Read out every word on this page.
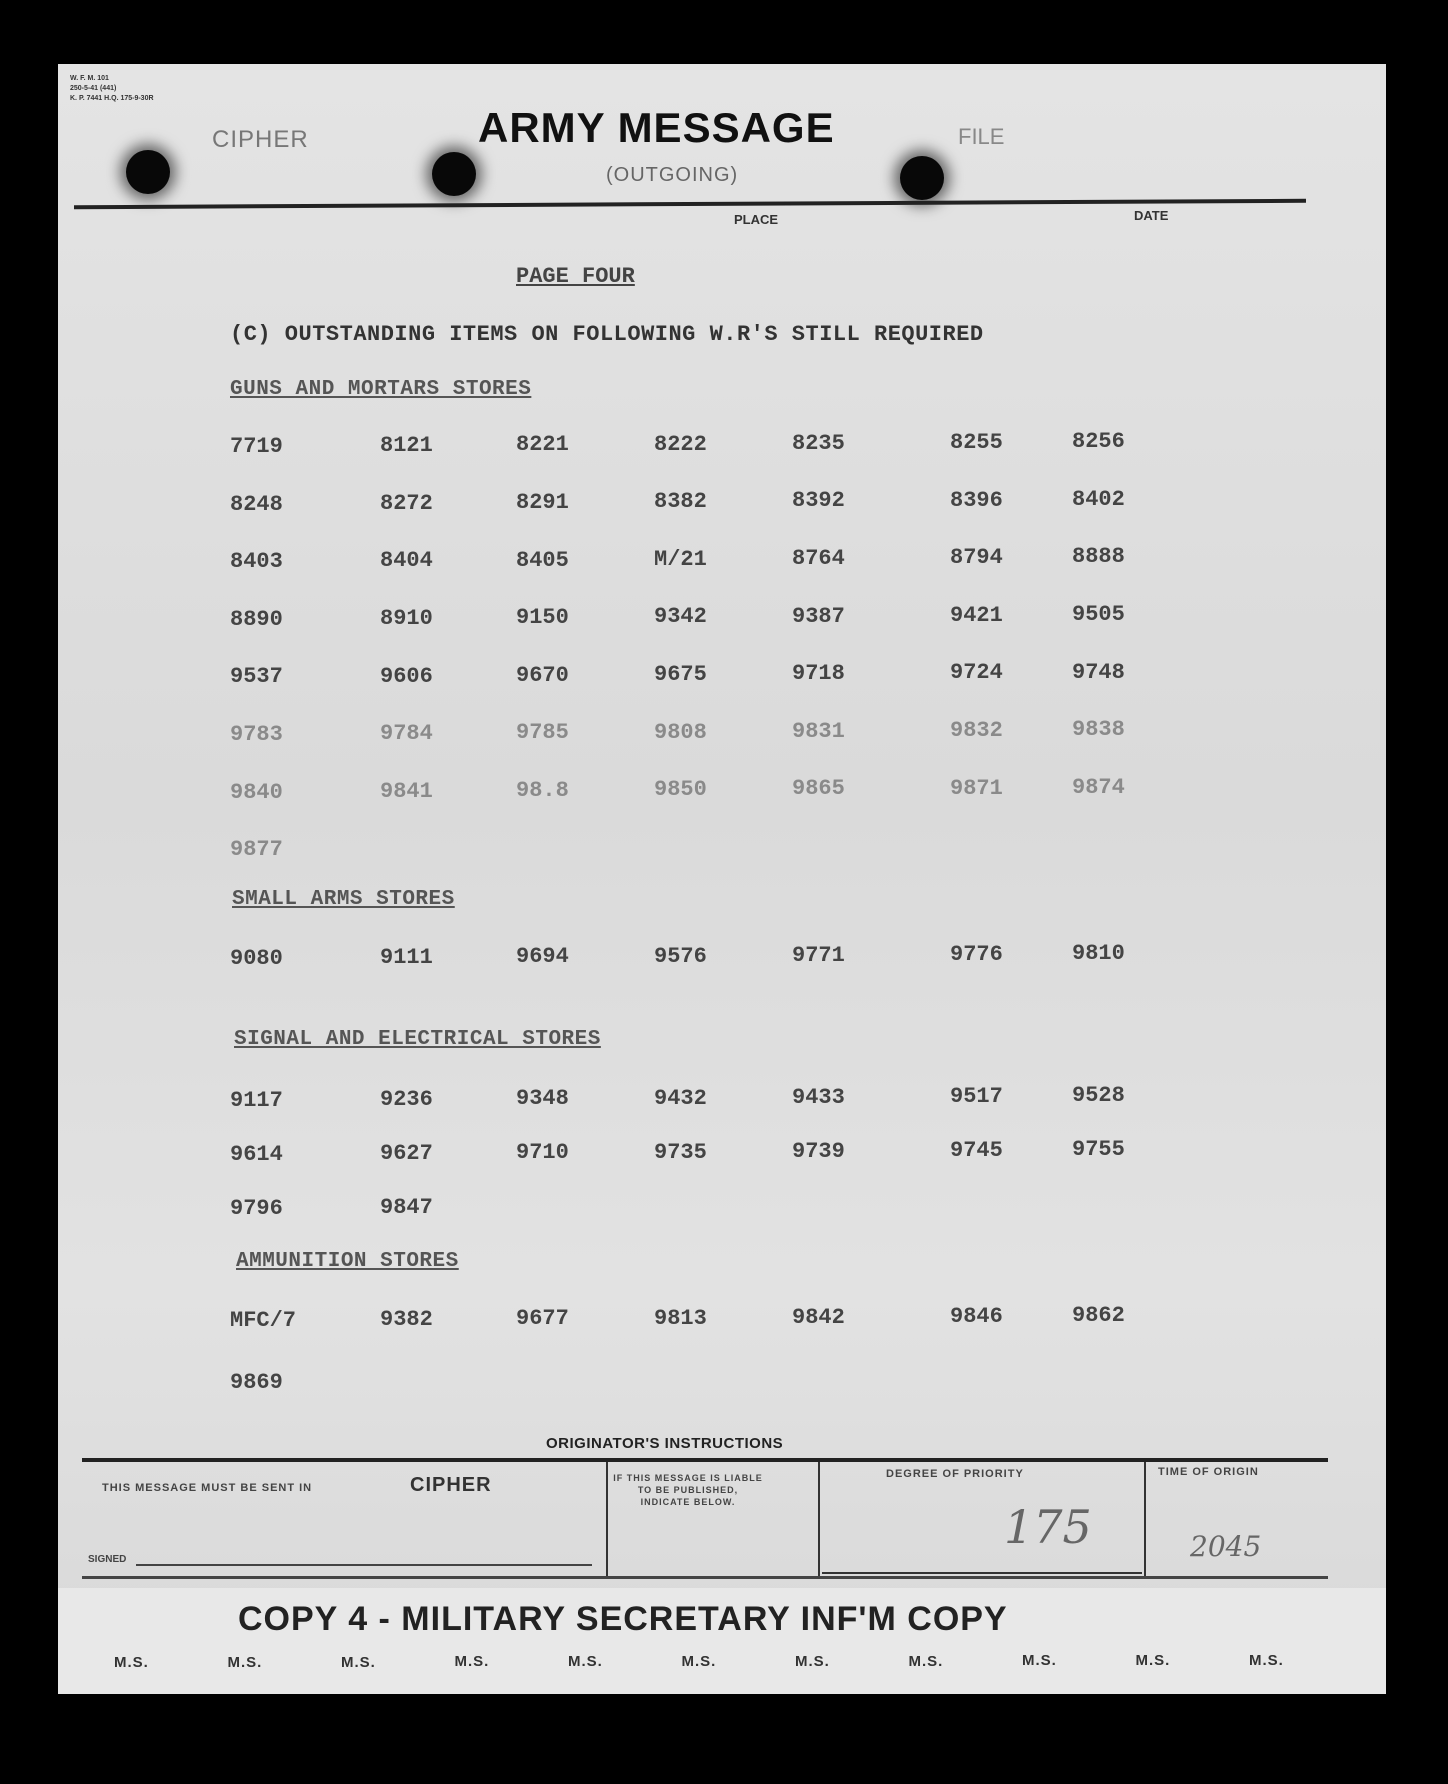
W. F. M. 101
250-5-41 (441)
K. P. 7441 H.Q. 175-9-30R
CIPHER	ARMY MESSAGE
(OUTGOING)
FILE
PLACE	DATE
PAGE FOUR
(C) OUTSTANDING ITEMS ON FOLLOWING W.R'S STILL REQUIRED
GUNS AND MORTARS STORES
7719	8121	8221	8222	8235	8255	8256
8248	8272	8291	8382	8392	8396	8402
8403	8404	8405	M/21	8764	8794	8888
8890	8910	9150	9342	9387	9421	9505
9537	9606	9670	9675	9718	9724	9748
9783	9784	9785	9808	9831	9832	9838
9840	9841	98.8	9850	9865	9871	9874
9877
SMALL ARMS STORES
9080	9111	9694	9576	9771	9776	9810
SIGNAL AND ELECTRICAL STORES
9117	9236	9348	9432	9433	9517	9528
9614	9627	9710	9735	9739	9745	9755
9796	9847
AMMUNITION STORES
MFC/7	9382	9677	9813	9842	9846	9862
9869
ORIGINATOR'S INSTRUCTIONS
THIS MESSAGE MUST BE SENT IN	CIPHER
SIGNED
IF THIS MESSAGE IS LIABLE
TO BE PUBLISHED,
INDICATE BELOW.
DEGREE OF PRIORITY
175
TIME OF ORIGIN
2045
COPY 4 - MILITARY SECRETARY INF'M COPY
M.S.	M.S.	M.S.	M.S.	M.S.	M.S.	M.S.	M.S.	M.S.	M.S.	M.S.
